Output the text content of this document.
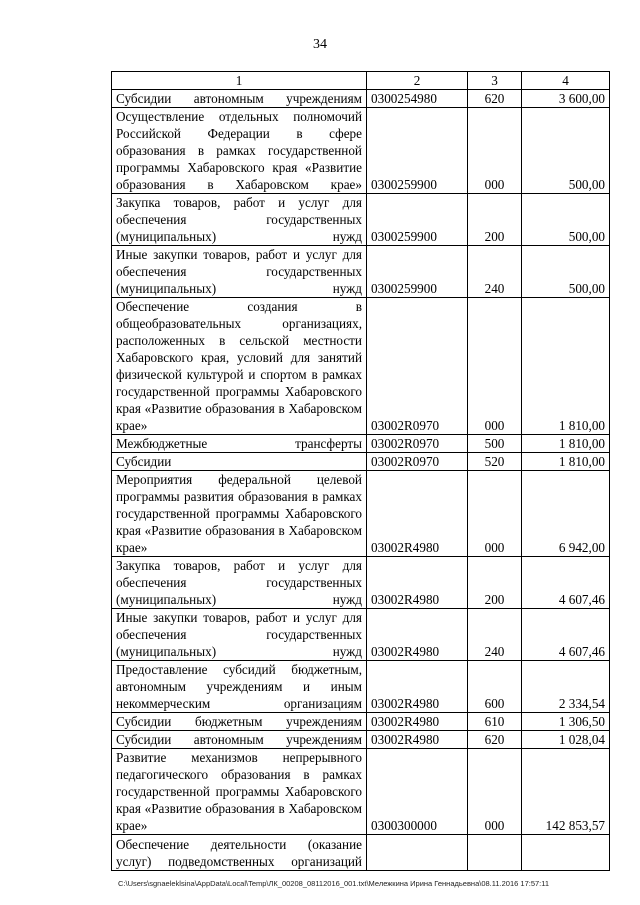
34
1	2	3	4
Субсидии автономным учреждениям	0300254980	620	3 600,00
Осуществление отдельных полномочий Российской Федерации в сфере образования в рамках государственной программы Хабаровского края «Развитие образования в Хабаровском крае»	0300259900	000	500,00
Закупка товаров, работ и услуг для обеспечения государственных (муниципальных) нужд	0300259900	200	500,00
Иные закупки товаров, работ и услуг для обеспечения государственных (муниципальных) нужд	0300259900	240	500,00
Обеспечение создания в общеобразовательных организациях, расположенных в сельской местности Хабаровского края, условий для занятий физической культурой и спортом в рамках государственной программы Хабаровского края «Развитие образования в Хабаровском крае»	03002R0970	000	1 810,00
Межбюджетные трансферты	03002R0970	500	1 810,00
Субсидии	03002R0970	520	1 810,00
Мероприятия федеральной целевой программы развития образования в рамках государственной программы Хабаровского края «Развитие образования в Хабаровском крае»	03002R4980	000	6 942,00
Закупка товаров, работ и услуг для обеспечения государственных (муниципальных) нужд	03002R4980	200	4 607,46
Иные закупки товаров, работ и услуг для обеспечения государственных (муниципальных) нужд	03002R4980	240	4 607,46
Предоставление субсидий бюджетным, автономным учреждениям и иным некоммерческим организациям	03002R4980	600	2 334,54
Субсидии бюджетным учреждениям	03002R4980	610	1 306,50
Субсидии автономным учреждениям	03002R4980	620	1 028,04
Развитие механизмов непрерывного педагогического образования в рамках государственной программы Хабаровского края «Развитие образования в Хабаровском крае»	0300300000	000	142 853,57
Обеспечение деятельности (оказание услуг) подведомственных организаций			
C:\Users\sgnaeleklsina\AppData\Local\Temp\ЛК_00208_08112016_001.txt\Мележкина Ирина Геннадьевна\08.11.2016 17:57:11
